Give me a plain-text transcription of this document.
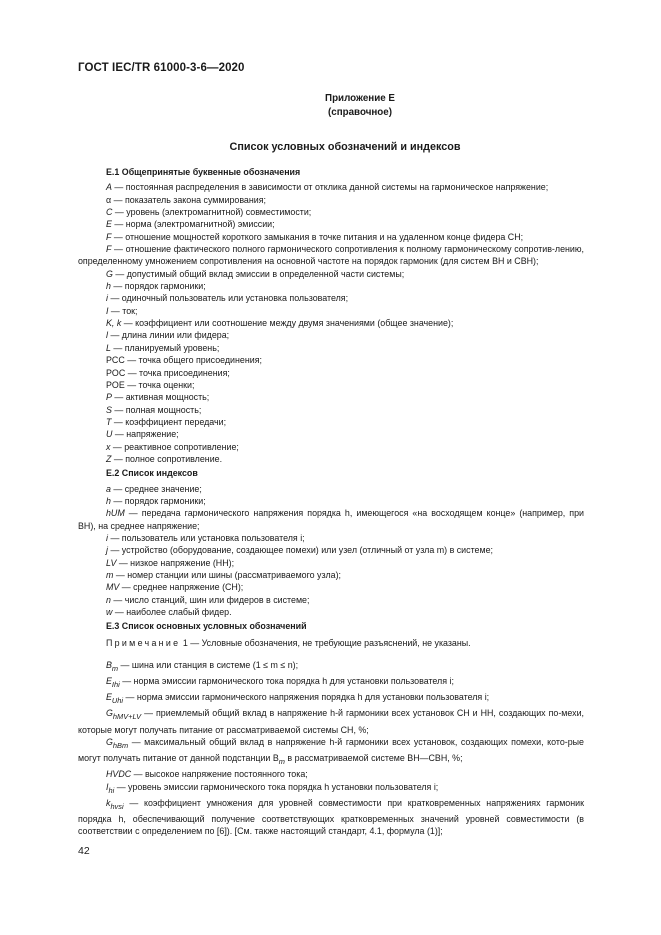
ГОСТ IEC/TR 61000-3-6—2020
Приложение Е
(справочное)
Список условных обозначений и индексов

Е.1 Общепринятые буквенные обозначения

A — постоянная распределения в зависимости от отклика данной системы на гармоническое напряжение;

α — показатель закона суммирования;

C — уровень (электромагнитной) совместимости;

E — норма (электромагнитной) эмиссии;

F — отношение мощностей короткого замыкания в точке питания и на удаленном конце фидера СН;

F — отношение фактического полного гармонического сопротивления к полному гармоническому сопротив-лению, определенному умножением сопротивления на основной частоте на порядок гармоник (для систем ВН и СВН);

G — допустимый общий вклад эмиссии в определенной части системы;

h — порядок гармоники;

i — одиночный пользователь или установка пользователя;

I — ток;

K, k — коэффициент или соотношение между двумя значениями (общее значение);

l — длина линии или фидера;

L — планируемый уровень;

PCC — точка общего присоединения;

POC — точка присоединения;

POE — точка оценки;

P — активная мощность;

S — полная мощность;

T — коэффициент передачи;

U — напряжение;

x — реактивное сопротивление;

Z — полное сопротивление.

Е.2 Список индексов

a — среднее значение;

h — порядок гармоники;

hUM — передача гармонического напряжения порядка h, имеющегося «на восходящем конце» (например, при ВН), на среднее напряжение;

i — пользователь или установка пользователя i;

j — устройство (оборудование, создающее помехи) или узел (отличный от узла m) в системе;

LV — низкое напряжение (НН);

m — номер станции или шины (рассматриваемого узла);

MV — среднее напряжение (СН);

n — число станций, шин или фидеров в системе;

w — наиболее слабый фидер.

Е.3 Список основных условных обозначений

Примечание 1 — Условные обозначения, не требующие разъяснений, не указаны.

$B_m$ — шина или станция в системе (1 ≤ m ≤ n);

$E_{Ihi}$ — норма эмиссии гармонического тока порядка h для установки пользователя i;

$E_{Uhi}$ — норма эмиссии гармонического напряжения порядка h для установки пользователя i;

$G_{hMV+LV}$ — приемлемый общий вклад в напряжение h-й гармоники всех установок СН и НН, создающих по-мехи, которые могут получать питание от рассматриваемой системы СН, %;

$G_{hBm}$ — максимальный общий вклад в напряжение h-й гармоники всех установок, создающих помехи, кото-рые могут получать питание от данной подстанции $B_m$ в рассматриваемой системе ВН—СВН, %;

HVDC — высокое напряжение постоянного тока;

$I_{hi}$ — уровень эмиссии гармонического тока порядка h установки пользователя i;

$k_{hvsi}$ — коэффициент умножения для уровней совместимости при кратковременных напряжениях гармоник порядка h, обеспечивающий получение соответствующих кратковременных значений уровней совместимости (в соответствии с определением по [6]). [См. также настоящий стандарт, 4.1, формула (1)];

42
